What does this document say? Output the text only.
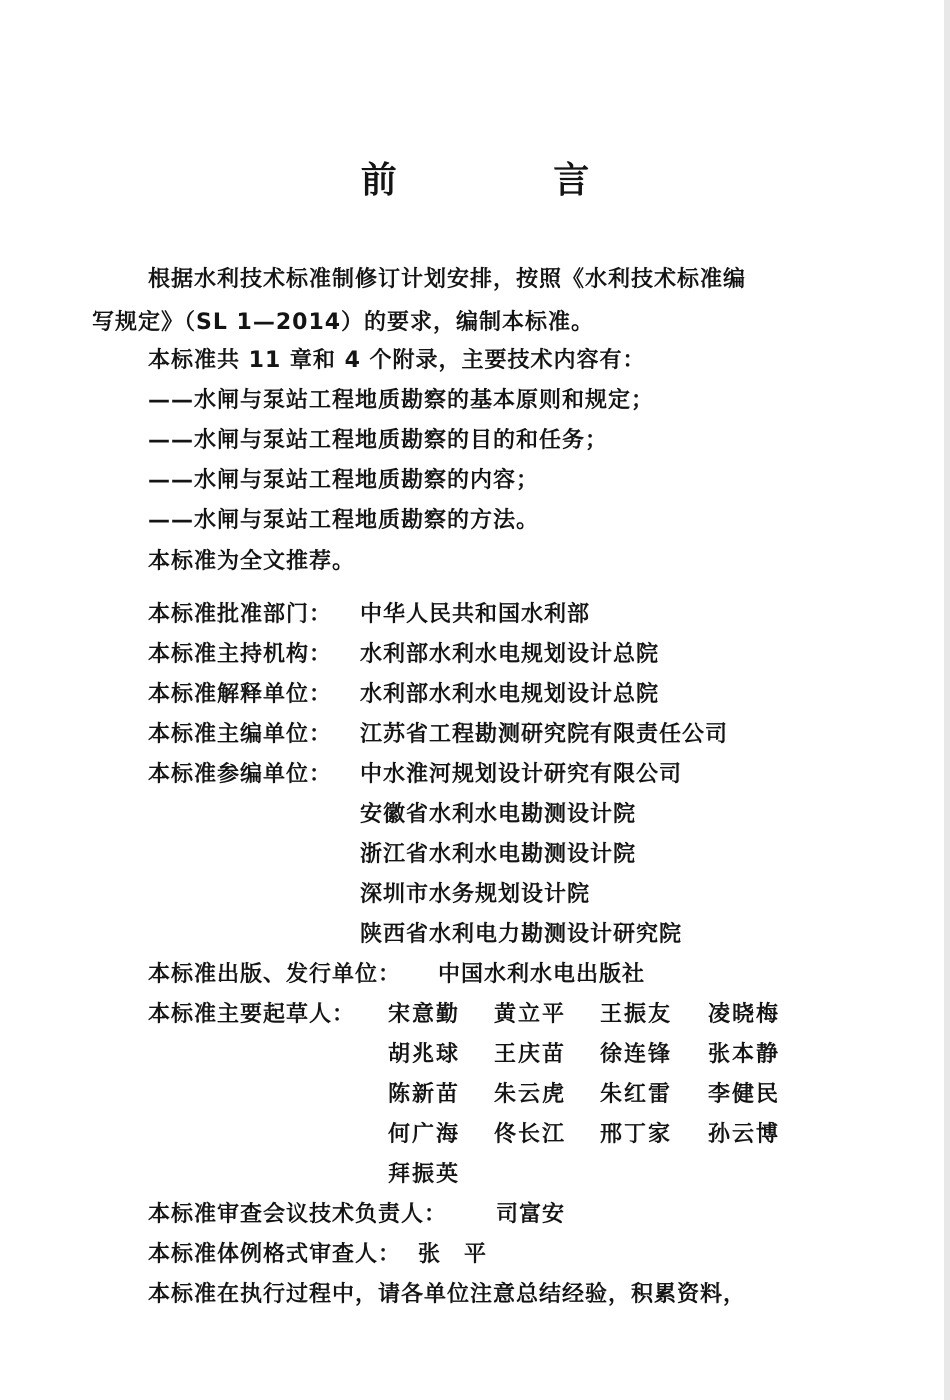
前 言
根据水利技术标准制修订计划安排，按照《水利技术标准编
写规定》（SL 1—2014）的要求，编制本标准。
本标准共 11 章和 4 个附录，主要技术内容有：
——水闸与泵站工程地质勘察的基本原则和规定；
——水闸与泵站工程地质勘察的目的和任务；
——水闸与泵站工程地质勘察的内容；
——水闸与泵站工程地质勘察的方法。
本标准为全文推荐。
本标准批准部门： 中华人民共和国水利部
本标准主持机构： 水利部水利水电规划设计总院
本标准解释单位： 水利部水利水电规划设计总院
本标准主编单位： 江苏省工程勘测研究院有限责任公司
本标准参编单位： 中水淮河规划设计研究有限公司
安徽省水利水电勘测设计院
浙江省水利水电勘测设计院
深圳市水务规划设计院
陕西省水利电力勘测设计研究院
本标准出版、发行单位： 中国水利水电出版社
本标准主要起草人： 宋意勤 黄立平 王振友 凌晓梅
胡兆球 王庆苗 徐连锋 张本静
陈新苗 朱云虎 朱红雷 李健民
何广海 佟长江 邢丁家 孙云博
拜振英
本标准审查会议技术负责人： 司富安
本标准体例格式审查人： 张　平
本标准在执行过程中，请各单位注意总结经验，积累资料，
